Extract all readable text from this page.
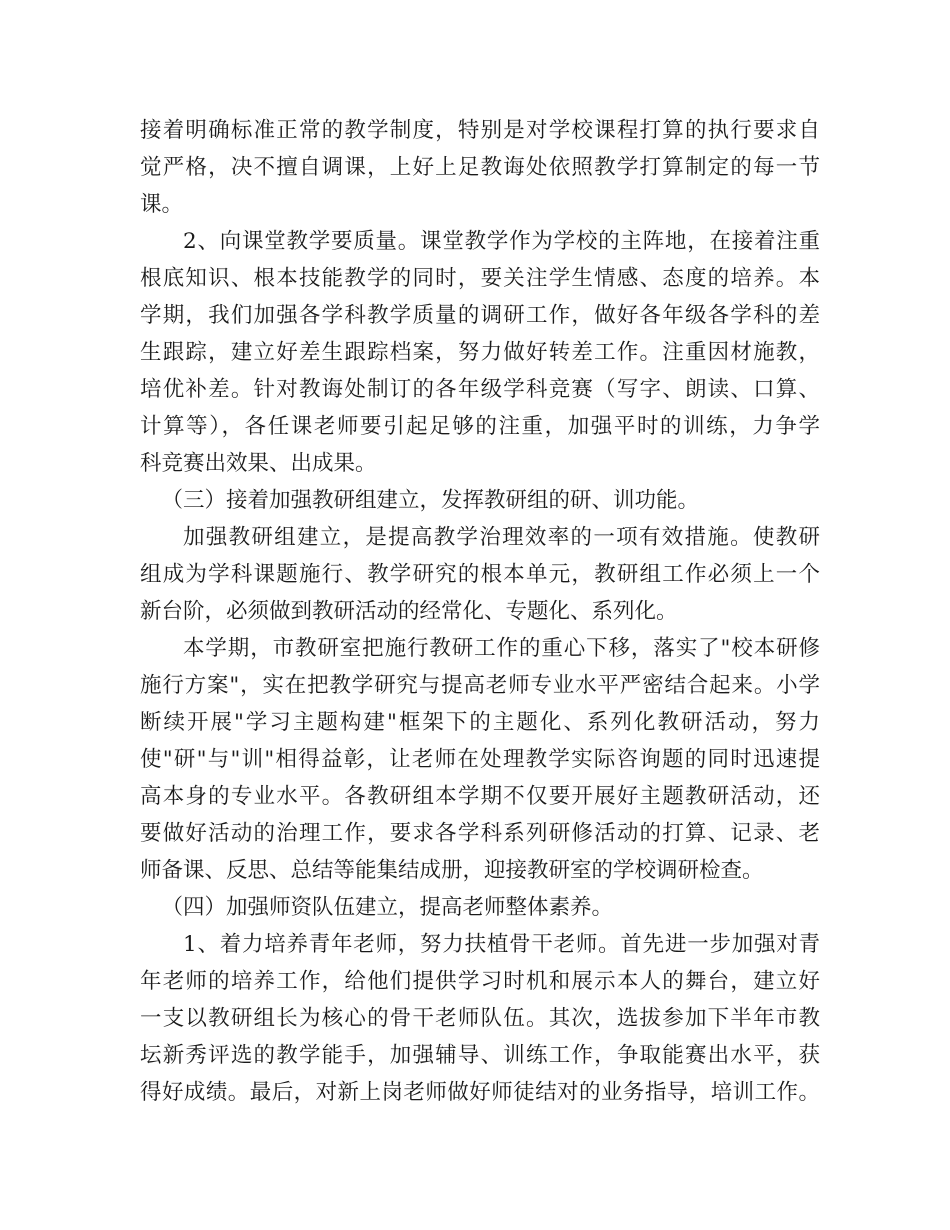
接着明确标准正常的教学制度，特别是对学校课程打算的执行要求自
觉严格，决不擅自调课，上好上足教诲处依照教学打算制定的每一节
课。
2、向课堂教学要质量。课堂教学作为学校的主阵地，在接着注重
根底知识、根本技能教学的同时，要关注学生情感、态度的培养。本
学期，我们加强各学科教学质量的调研工作，做好各年级各学科的差
生跟踪，建立好差生跟踪档案，努力做好转差工作。注重因材施教，
培优补差。针对教诲处制订的各年级学科竞赛（写字、朗读、口算、
计算等），各任课老师要引起足够的注重，加强平时的训练，力争学
科竞赛出效果、出成果。
（三）接着加强教研组建立，发挥教研组的研、训功能。
加强教研组建立，是提高教学治理效率的一项有效措施。使教研
组成为学科课题施行、教学研究的根本单元，教研组工作必须上一个
新台阶，必须做到教研活动的经常化、专题化、系列化。
本学期，市教研室把施行教研工作的重心下移，落实了"校本研修
施行方案"，实在把教学研究与提高老师专业水平严密结合起来。小学
断续开展"学习主题构建"框架下的主题化、系列化教研活动，努力
使"研"与"训"相得益彰，让老师在处理教学实际咨询题的同时迅速提
高本身的专业水平。各教研组本学期不仅要开展好主题教研活动，还
要做好活动的治理工作，要求各学科系列研修活动的打算、记录、老
师备课、反思、总结等能集结成册，迎接教研室的学校调研检查。
（四）加强师资队伍建立，提高老师整体素养。
1、着力培养青年老师，努力扶植骨干老师。首先进一步加强对青
年老师的培养工作，给他们提供学习时机和展示本人的舞台，建立好
一支以教研组长为核心的骨干老师队伍。其次，选拔参加下半年市教
坛新秀评选的教学能手，加强辅导、训练工作，争取能赛出水平，获
得好成绩。最后，对新上岗老师做好师徒结对的业务指导，培训工作。
